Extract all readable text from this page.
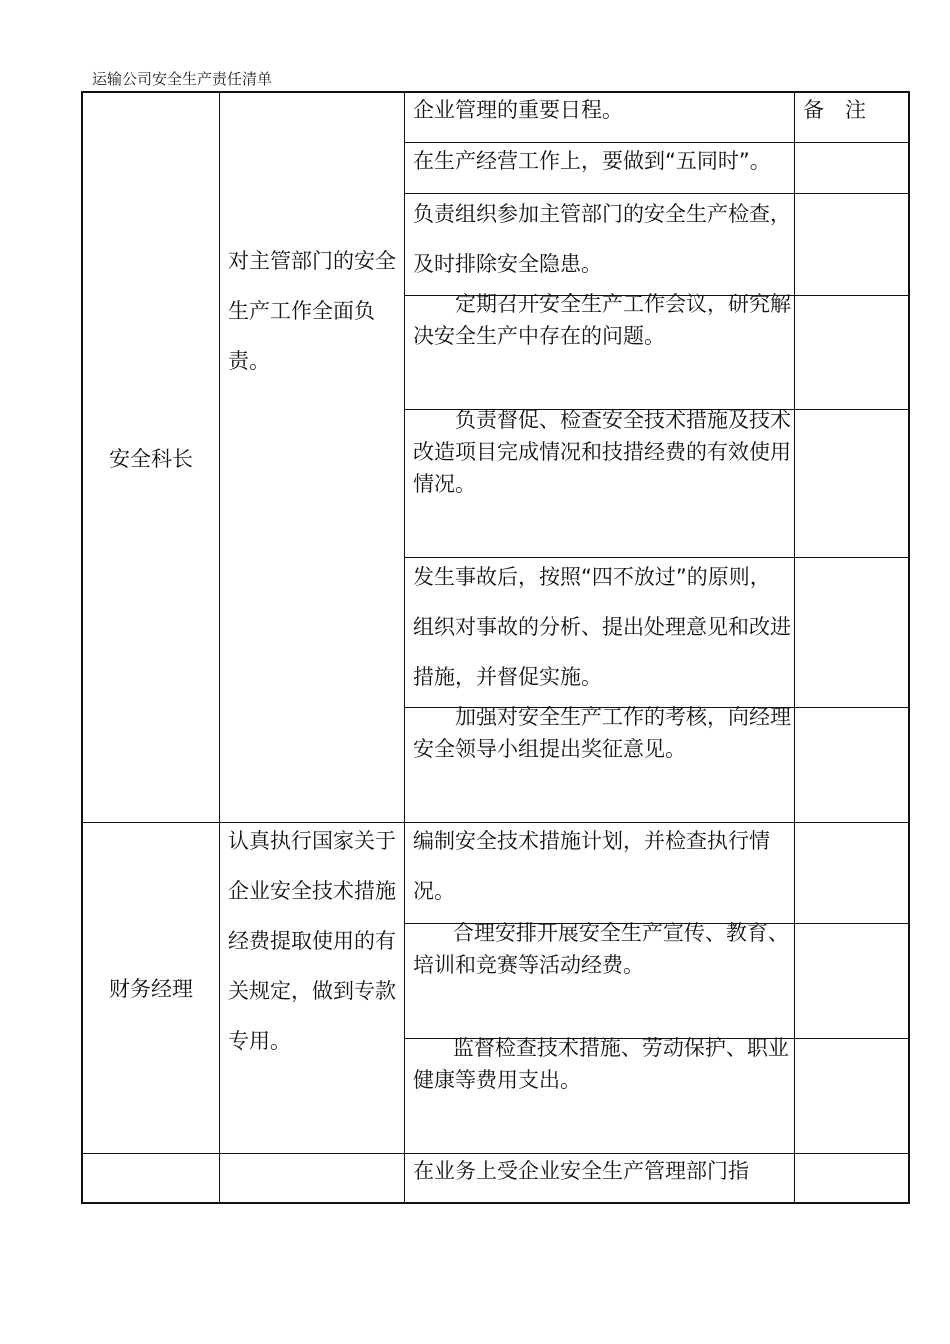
运输公司安全生产责任清单
安全科长
对主管部门的安全生产工作全面负责。
企业管理的重要日程。	备　注
在生产经营工作上，要做到“五同时”。
负责组织参加主管部门的安全生产检查，及时排除安全隐患。
定期召开安全生产工作会议，研究解决安全生产中存在的问题。
负责督促、检查安全技术措施及技术改造项目完成情况和技措经费的有效使用情况。
发生事故后，按照“四不放过”的原则，组织对事故的分析、提出处理意见和改进措施，并督促实施。
加强对安全生产工作的考核，向经理安全领导小组提出奖征意见。
财务经理
认真执行国家关于企业安全技术措施经费提取使用的有关规定，做到专款专用。
编制安全技术措施计划，并检查执行情况。
合理安排开展安全生产宣传、教育、培训和竞赛等活动经费。
监督检查技术措施、劳动保护、职业健康等费用支出。
在业务上受企业安全生产管理部门指
